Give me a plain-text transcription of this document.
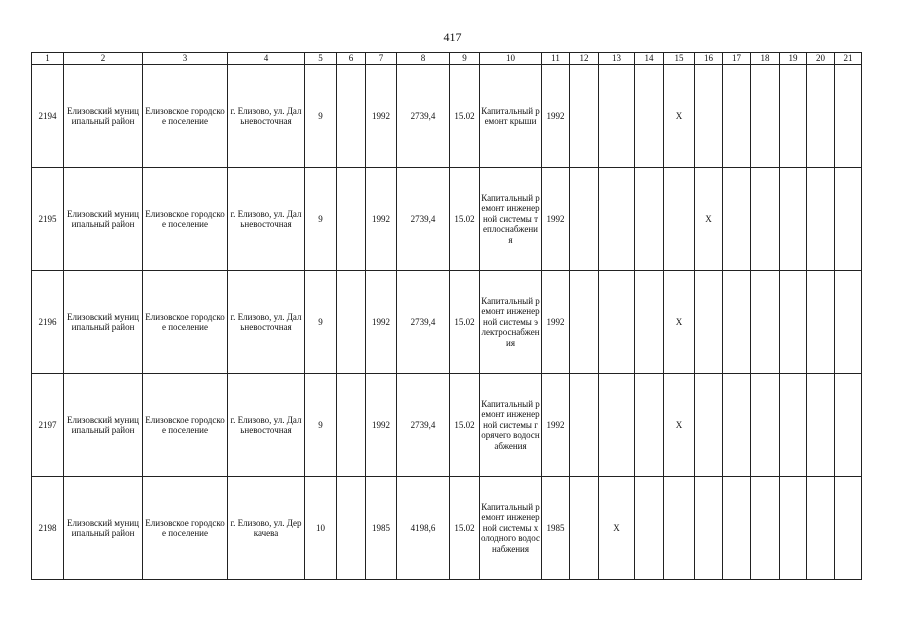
417
1	2	3	4	5	6	7	8	9	10	11	12	13	14	15	16	17	18	19	20	21
2194	Елизовский муниципальный район	Елизовское городское поселение	г. Елизово, ул. Дальневосточная	9		1992	2739,4	15.02	Капитальный ремонт крыши	1992				X						
2195	Елизовский муниципальный район	Елизовское городское поселение	г. Елизово, ул. Дальневосточная	9		1992	2739,4	15.02	Капитальный ремонт инженерной системы теплоснабжения	1992					X					
2196	Елизовский муниципальный район	Елизовское городское поселение	г. Елизово, ул. Дальневосточная	9		1992	2739,4	15.02	Капитальный ремонт инженерной системы электроснабжения	1992				X						
2197	Елизовский муниципальный район	Елизовское городское поселение	г. Елизово, ул. Дальневосточная	9		1992	2739,4	15.02	Капитальный ремонт инженерной системы горячего водоснабжения	1992				X						
2198	Елизовский муниципальный район	Елизовское городское поселение	г. Елизово, ул. Деркачева	10		1985	4198,6	15.02	Капитальный ремонт инженерной системы холодного водоснабжения	1985		X								
